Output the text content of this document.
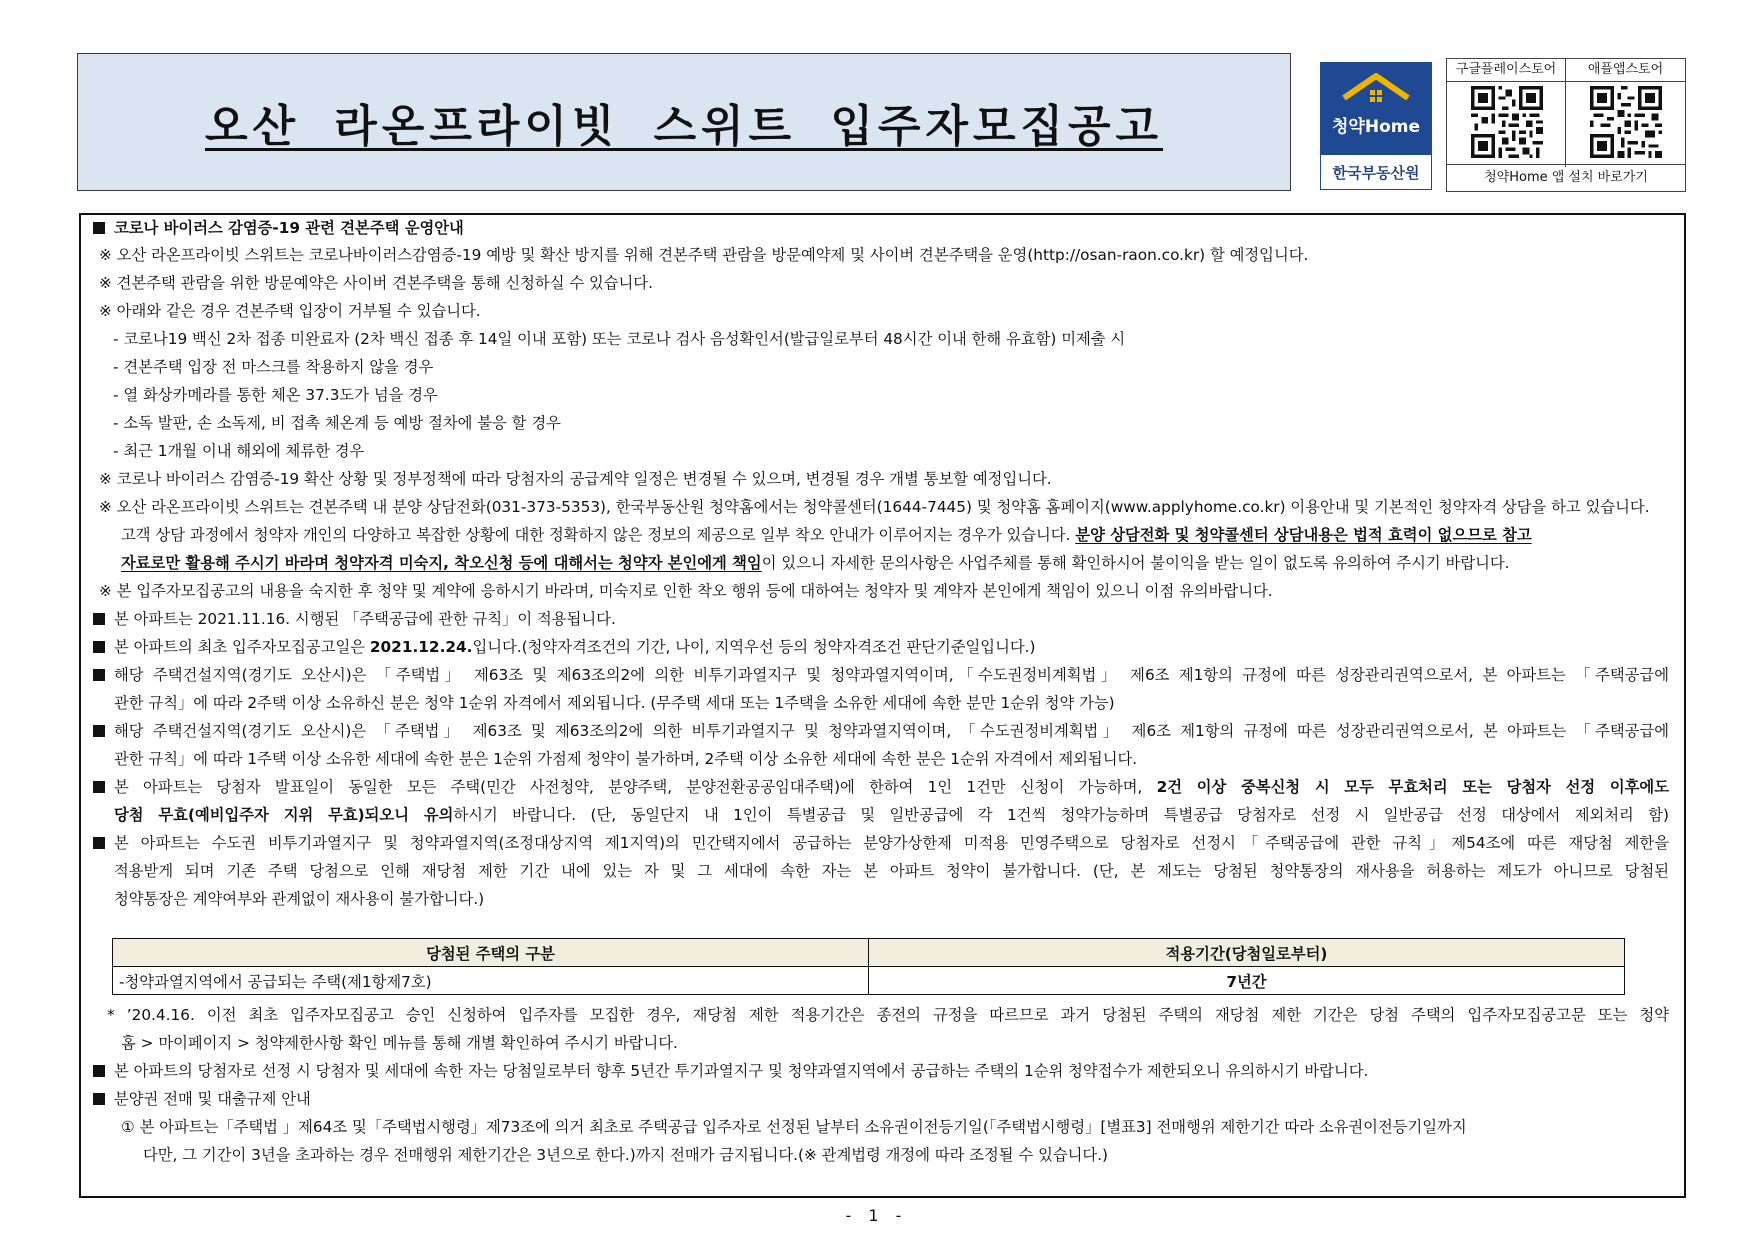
오산 라온프라이빗 스위트 입주자모집공고	청약Home
한국부동산원
구글플레이스토어	애플앱스토어
청약Home 앱 설치 바로가기
코로나 바이러스 감염증-19 관련 견본주택 운영안내
※ 오산 라온프라이빗 스위트는 코로나바이러스감염증-19 예방 및 확산 방지를 위해 견본주택 관람을 방문예약제 및 사이버 견본주택을 운영(http://osan-raon.co.kr) 할 예정입니다.
※ 견본주택 관람을 위한 방문예약은 사이버 견본주택을 통해 신청하실 수 있습니다.
※ 아래와 같은 경우 견본주택 입장이 거부될 수 있습니다.
- 코로나19 백신 2차 접종 미완료자 (2차 백신 접종 후 14일 이내 포함) 또는 코로나 검사 음성확인서(발급일로부터 48시간 이내 한해 유효함) 미제출 시
- 견본주택 입장 전 마스크를 착용하지 않을 경우
- 열 화상카메라를 통한 체온 37.3도가 넘을 경우
- 소독 발판, 손 소독제, 비 접촉 체온계 등 예방 절차에 불응 할 경우
- 최근 1개월 이내 해외에 체류한 경우
※ 코로나 바이러스 감염증-19 확산 상황 및 정부정책에 따라 당첨자의 공급계약 일정은 변경될 수 있으며, 변경될 경우 개별 통보할 예정입니다.
※ 오산 라온프라이빗 스위트는 견본주택 내 분양 상담전화(031-373-5353), 한국부동산원 청약홈에서는 청약콜센터(1644-7445) 및 청약홈 홈페이지(www.applyhome.co.kr) 이용안내 및 기본적인 청약자격 상담을 하고 있습니다.
고객 상담 과정에서 청약자 개인의 다양하고 복잡한 상황에 대한 정확하지 않은 정보의 제공으로 일부 착오 안내가 이루어지는 경우가 있습니다. 분양 상담전화 및 청약콜센터 상담내용은 법적 효력이 없으므로 참고
자료로만 활용해 주시기 바라며 청약자격 미숙지, 착오신청 등에 대해서는 청약자 본인에게 책임이 있으니 자세한 문의사항은 사업주체를 통해 확인하시어 불이익을 받는 일이 없도록 유의하여 주시기 바랍니다.
※ 본 입주자모집공고의 내용을 숙지한 후 청약 및 계약에 응하시기 바라며, 미숙지로 인한 착오 행위 등에 대하여는 청약자 및 계약자 본인에게 책임이 있으니 이점 유의바랍니다.
본 아파트는 2021.11.16. 시행된 「주택공급에 관한 규칙」이 적용됩니다.
본 아파트의 최초 입주자모집공고일은 2021.12.24.입니다.(청약자격조건의 기간, 나이, 지역우선 등의 청약자격조건 판단기준일입니다.)
해당 주택건설지역(경기도 오산시)은 「주택법」 제63조 및 제63조의2에 의한 비투기과열지구 및 청약과열지역이며,「수도권정비계획법」 제6조 제1항의 규정에 따른 성장관리권역으로서, 본 아파트는 「주택공급에
관한 규칙」에 따라 2주택 이상 소유하신 분은 청약 1순위 자격에서 제외됩니다. (무주택 세대 또는 1주택을 소유한 세대에 속한 분만 1순위 청약 가능)
해당 주택건설지역(경기도 오산시)은 「주택법」 제63조 및 제63조의2에 의한 비투기과열지구 및 청약과열지역이며, 「수도권정비계획법」 제6조 제1항의 규정에 따른 성장관리권역으로서, 본 아파트는 「주택공급에
관한 규칙」에 따라 1주택 이상 소유한 세대에 속한 분은 1순위 가점제 청약이 불가하며, 2주택 이상 소유한 세대에 속한 분은 1순위 자격에서 제외됩니다.
본 아파트는 당첨자 발표일이 동일한 모든 주택(민간 사전청약, 분양주택, 분양전환공공임대주택)에 한하여 1인 1건만 신청이 가능하며, 2건 이상 중복신청 시 모두 무효처리 또는 당첨자 선정 이후에도
당첨 무효(예비입주자 지위 무효)되오니 유의하시기 바랍니다. (단, 동일단지 내 1인이 특별공급 및 일반공급에 각 1건씩 청약가능하며 특별공급 당첨자로 선정 시 일반공급 선정 대상에서 제외처리 함)
본 아파트는 수도권 비투기과열지구 및 청약과열지역(조정대상지역 제1지역)의 민간택지에서 공급하는 분양가상한제 미적용 민영주택으로 당첨자로 선정시「주택공급에 관한 규칙」제54조에 따른 재당첨 제한을
적용받게 되며 기존 주택 당첨으로 인해 재당첨 제한 기간 내에 있는 자 및 그 세대에 속한 자는 본 아파트 청약이 불가합니다. (단, 본 제도는 당첨된 청약통장의 재사용을 허용하는 제도가 아니므로 당첨된
청약통장은 계약여부와 관계없이 재사용이 불가합니다.)
당첨된 주택의 구분	적용기간(당첨일로부터)
-청약과열지역에서 공급되는 주택(제1항제7호)	7년간
* ’20.4.16. 이전 최초 입주자모집공고 승인 신청하여 입주자를 모집한 경우, 재당첨 제한 적용기간은 종전의 규정을 따르므로 과거 당첨된 주택의 재당첨 제한 기간은 당첨 주택의 입주자모집공고문 또는 청약
홈 > 마이페이지 > 청약제한사항 확인 메뉴를 통해 개별 확인하여 주시기 바랍니다.
본 아파트의 당첨자로 선정 시 당첨자 및 세대에 속한 자는 당첨일로부터 향후 5년간 투기과열지구 및 청약과열지역에서 공급하는 주택의 1순위 청약접수가 제한되오니 유의하시기 바랍니다.
분양권 전매 및 대출규제 안내
① 본 아파트는「주택법 」제64조 및「주택법시행령」제73조에 의거 최초로 주택공급 입주자로 선정된 날부터 소유권이전등기일(「주택법시행령」[별표3] 전매행위 제한기간 따라 소유권이전등기일까지
다만, 그 기간이 3년을 초과하는 경우 전매행위 제한기간은 3년으로 한다.)까지 전매가 금지됩니다.(※ 관계법령 개정에 따라 조정될 수 있습니다.)
- 1 -
